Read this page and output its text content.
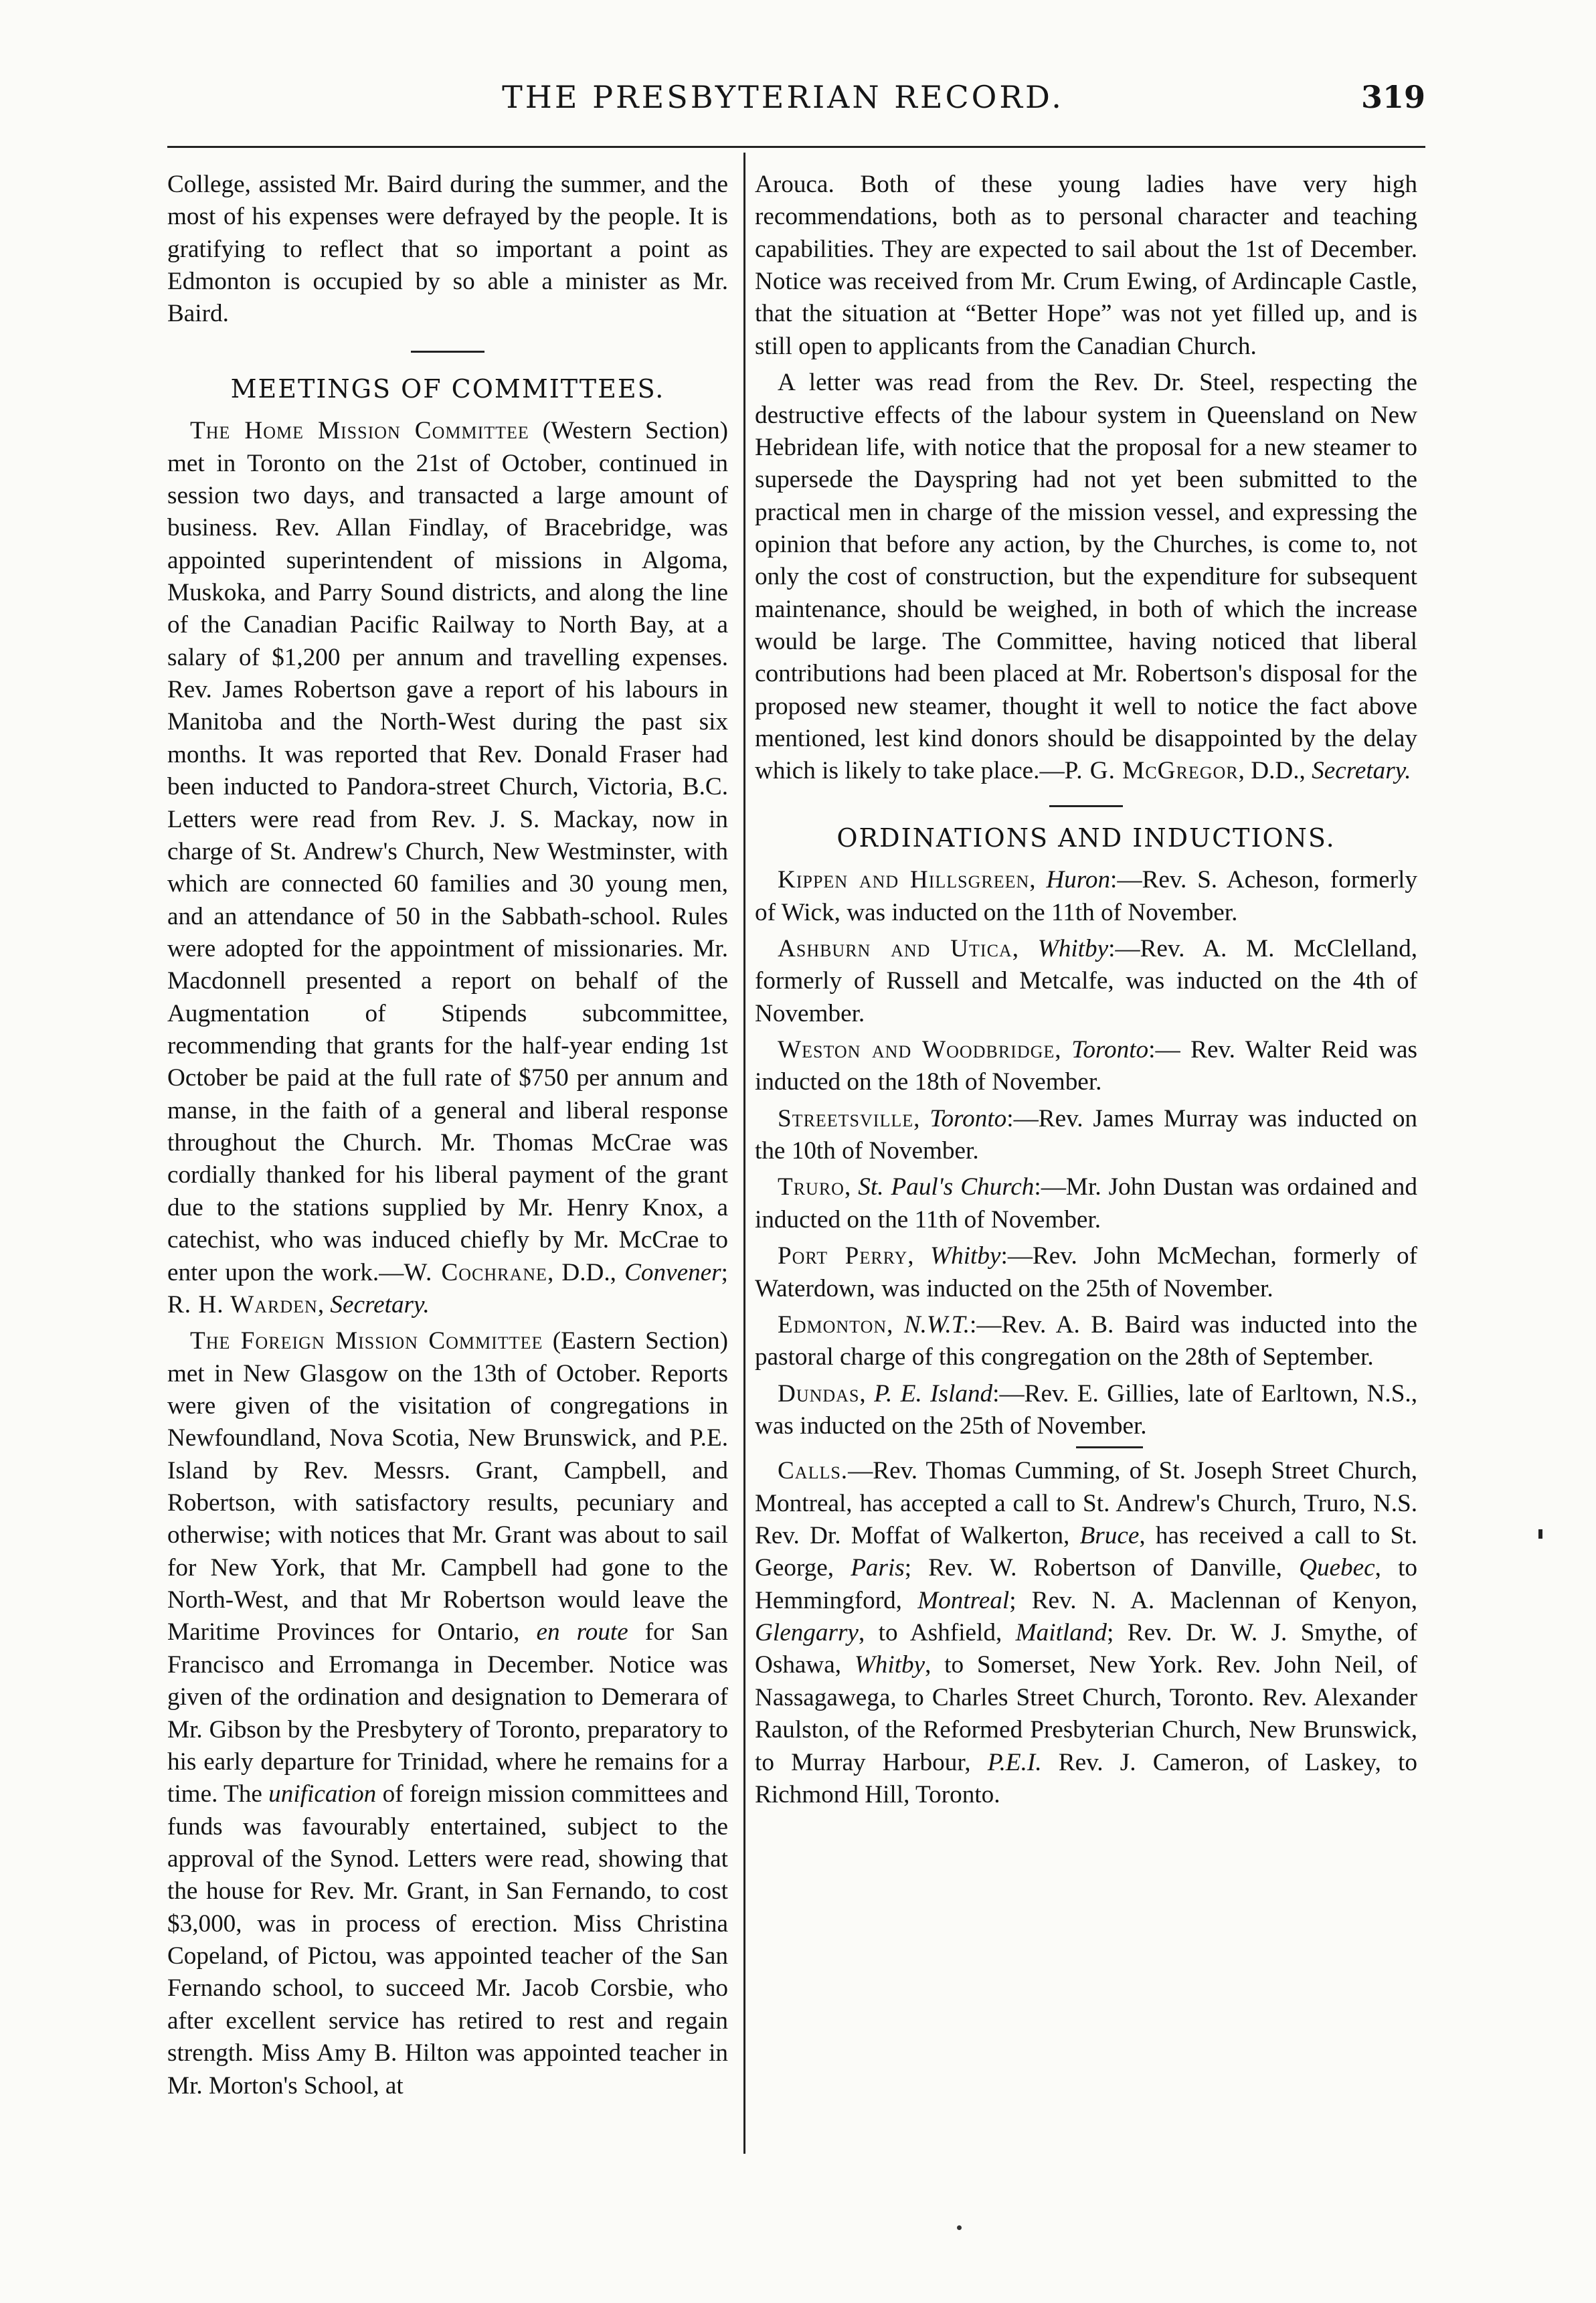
THE PRESBYTERIAN RECORD.	319

College, assisted Mr. Baird during the summer, and the most of his expenses were defrayed by the people. It is gratifying to reflect that so important a point as Edmonton is occupied by so able a minister as Mr. Baird.

MEETINGS OF COMMITTEES.

The Home Mission Committee (Western Section) met in Toronto on the 21st of October, continued in session two days, and transacted a large amount of business. Rev. Allan Findlay, of Bracebridge, was appointed superintendent of missions in Algoma, Muskoka, and Parry Sound districts, and along the line of the Canadian Pacific Railway to North Bay, at a salary of $1,200 per annum and travelling expenses. Rev. James Robertson gave a report of his labours in Manitoba and the North-West during the past six months. It was reported that Rev. Donald Fraser had been inducted to Pandora-street Church, Victoria, B.C. Letters were read from Rev. J. S. Mackay, now in charge of St. Andrew's Church, New Westminster, with which are connected 60 families and 30 young men, and an attendance of 50 in the Sabbath-school. Rules were adopted for the appointment of missionaries. Mr. Macdonnell presented a report on behalf of the Augmentation of Stipends subcommittee, recommending that grants for the half-year ending 1st October be paid at the full rate of $750 per annum and manse, in the faith of a general and liberal response throughout the Church. Mr. Thomas McCrae was cordially thanked for his liberal payment of the grant due to the stations supplied by Mr. Henry Knox, a catechist, who was induced chiefly by Mr. McCrae to enter upon the work.—W. Cochrane, D.D., Convener; R. H. Warden, Secretary.

The Foreign Mission Committee (Eastern Section) met in New Glasgow on the 13th of October. Reports were given of the visitation of congregations in Newfoundland, Nova Scotia, New Brunswick, and P.E. Island by Rev. Messrs. Grant, Campbell, and Robertson, with satisfactory results, pecuniary and otherwise; with notices that Mr. Grant was about to sail for New York, that Mr. Campbell had gone to the North-West, and that Mr Robertson would leave the Maritime Provinces for Ontario, en route for San Francisco and Erromanga in December. Notice was given of the ordination and designation to Demerara of Mr. Gibson by the Presbytery of Toronto, preparatory to his early departure for Trinidad, where he remains for a time. The unification of foreign mission committees and funds was favourably entertained, subject to the approval of the Synod. Letters were read, showing that the house for Rev. Mr. Grant, in San Fernando, to cost $3,000, was in process of erection. Miss Christina Copeland, of Pictou, was appointed teacher of the San Fernando school, to succeed Mr. Jacob Corsbie, who after excellent service has retired to rest and regain strength. Miss Amy B. Hilton was appointed teacher in Mr. Morton's School, at

Arouca. Both of these young ladies have very high recommendations, both as to personal character and teaching capabilities. They are expected to sail about the 1st of December. Notice was received from Mr. Crum Ewing, of Ardincaple Castle, that the situation at “Better Hope” was not yet filled up, and is still open to applicants from the Canadian Church.

A letter was read from the Rev. Dr. Steel, respecting the destructive effects of the labour system in Queensland on New Hebridean life, with notice that the proposal for a new steamer to supersede the Dayspring had not yet been submitted to the practical men in charge of the mission vessel, and expressing the opinion that before any action, by the Churches, is come to, not only the cost of construction, but the expenditure for subsequent maintenance, should be weighed, in both of which the increase would be large. The Committee, having noticed that liberal contributions had been placed at Mr. Robertson's disposal for the proposed new steamer, thought it well to notice the fact above mentioned, lest kind donors should be disappointed by the delay which is likely to take place.—P. G. McGregor, D.D., Secretary.

ORDINATIONS AND INDUCTIONS.

Kippen and Hillsgreen, Huron:—Rev. S. Acheson, formerly of Wick, was inducted on the 11th of November.

Ashburn and Utica, Whitby:—Rev. A. M. McClelland, formerly of Russell and Metcalfe, was inducted on the 4th of November.

Weston and Woodbridge, Toronto:— Rev. Walter Reid was inducted on the 18th of November.

Streetsville, Toronto:—Rev. James Murray was inducted on the 10th of November.

Truro, St. Paul's Church:—Mr. John Dustan was ordained and inducted on the 11th of November.

Port Perry, Whitby:—Rev. John McMechan, formerly of Waterdown, was inducted on the 25th of November.

Edmonton, N.W.T.:—Rev. A. B. Baird was inducted into the pastoral charge of this congregation on the 28th of September.

Dundas, P. E. Island:—Rev. E. Gillies, late of Earltown, N.S., was inducted on the 25th of November.

Calls.—Rev. Thomas Cumming, of St. Joseph Street Church, Montreal, has accepted a call to St. Andrew's Church, Truro, N.S. Rev. Dr. Moffat of Walkerton, Bruce, has received a call to St. George, Paris; Rev. W. Robertson of Danville, Quebec, to Hemmingford, Montreal; Rev. N. A. Maclennan of Kenyon, Glengarry, to Ashfield, Maitland; Rev. Dr. W. J. Smythe, of Oshawa, Whitby, to Somerset, New York. Rev. John Neil, of Nassagawega, to Charles Street Church, Toronto. Rev. Alexander Raulston, of the Reformed Presbyterian Church, New Brunswick, to Murray Harbour, P.E.I. Rev. J. Cameron, of Laskey, to Richmond Hill, Toronto.
